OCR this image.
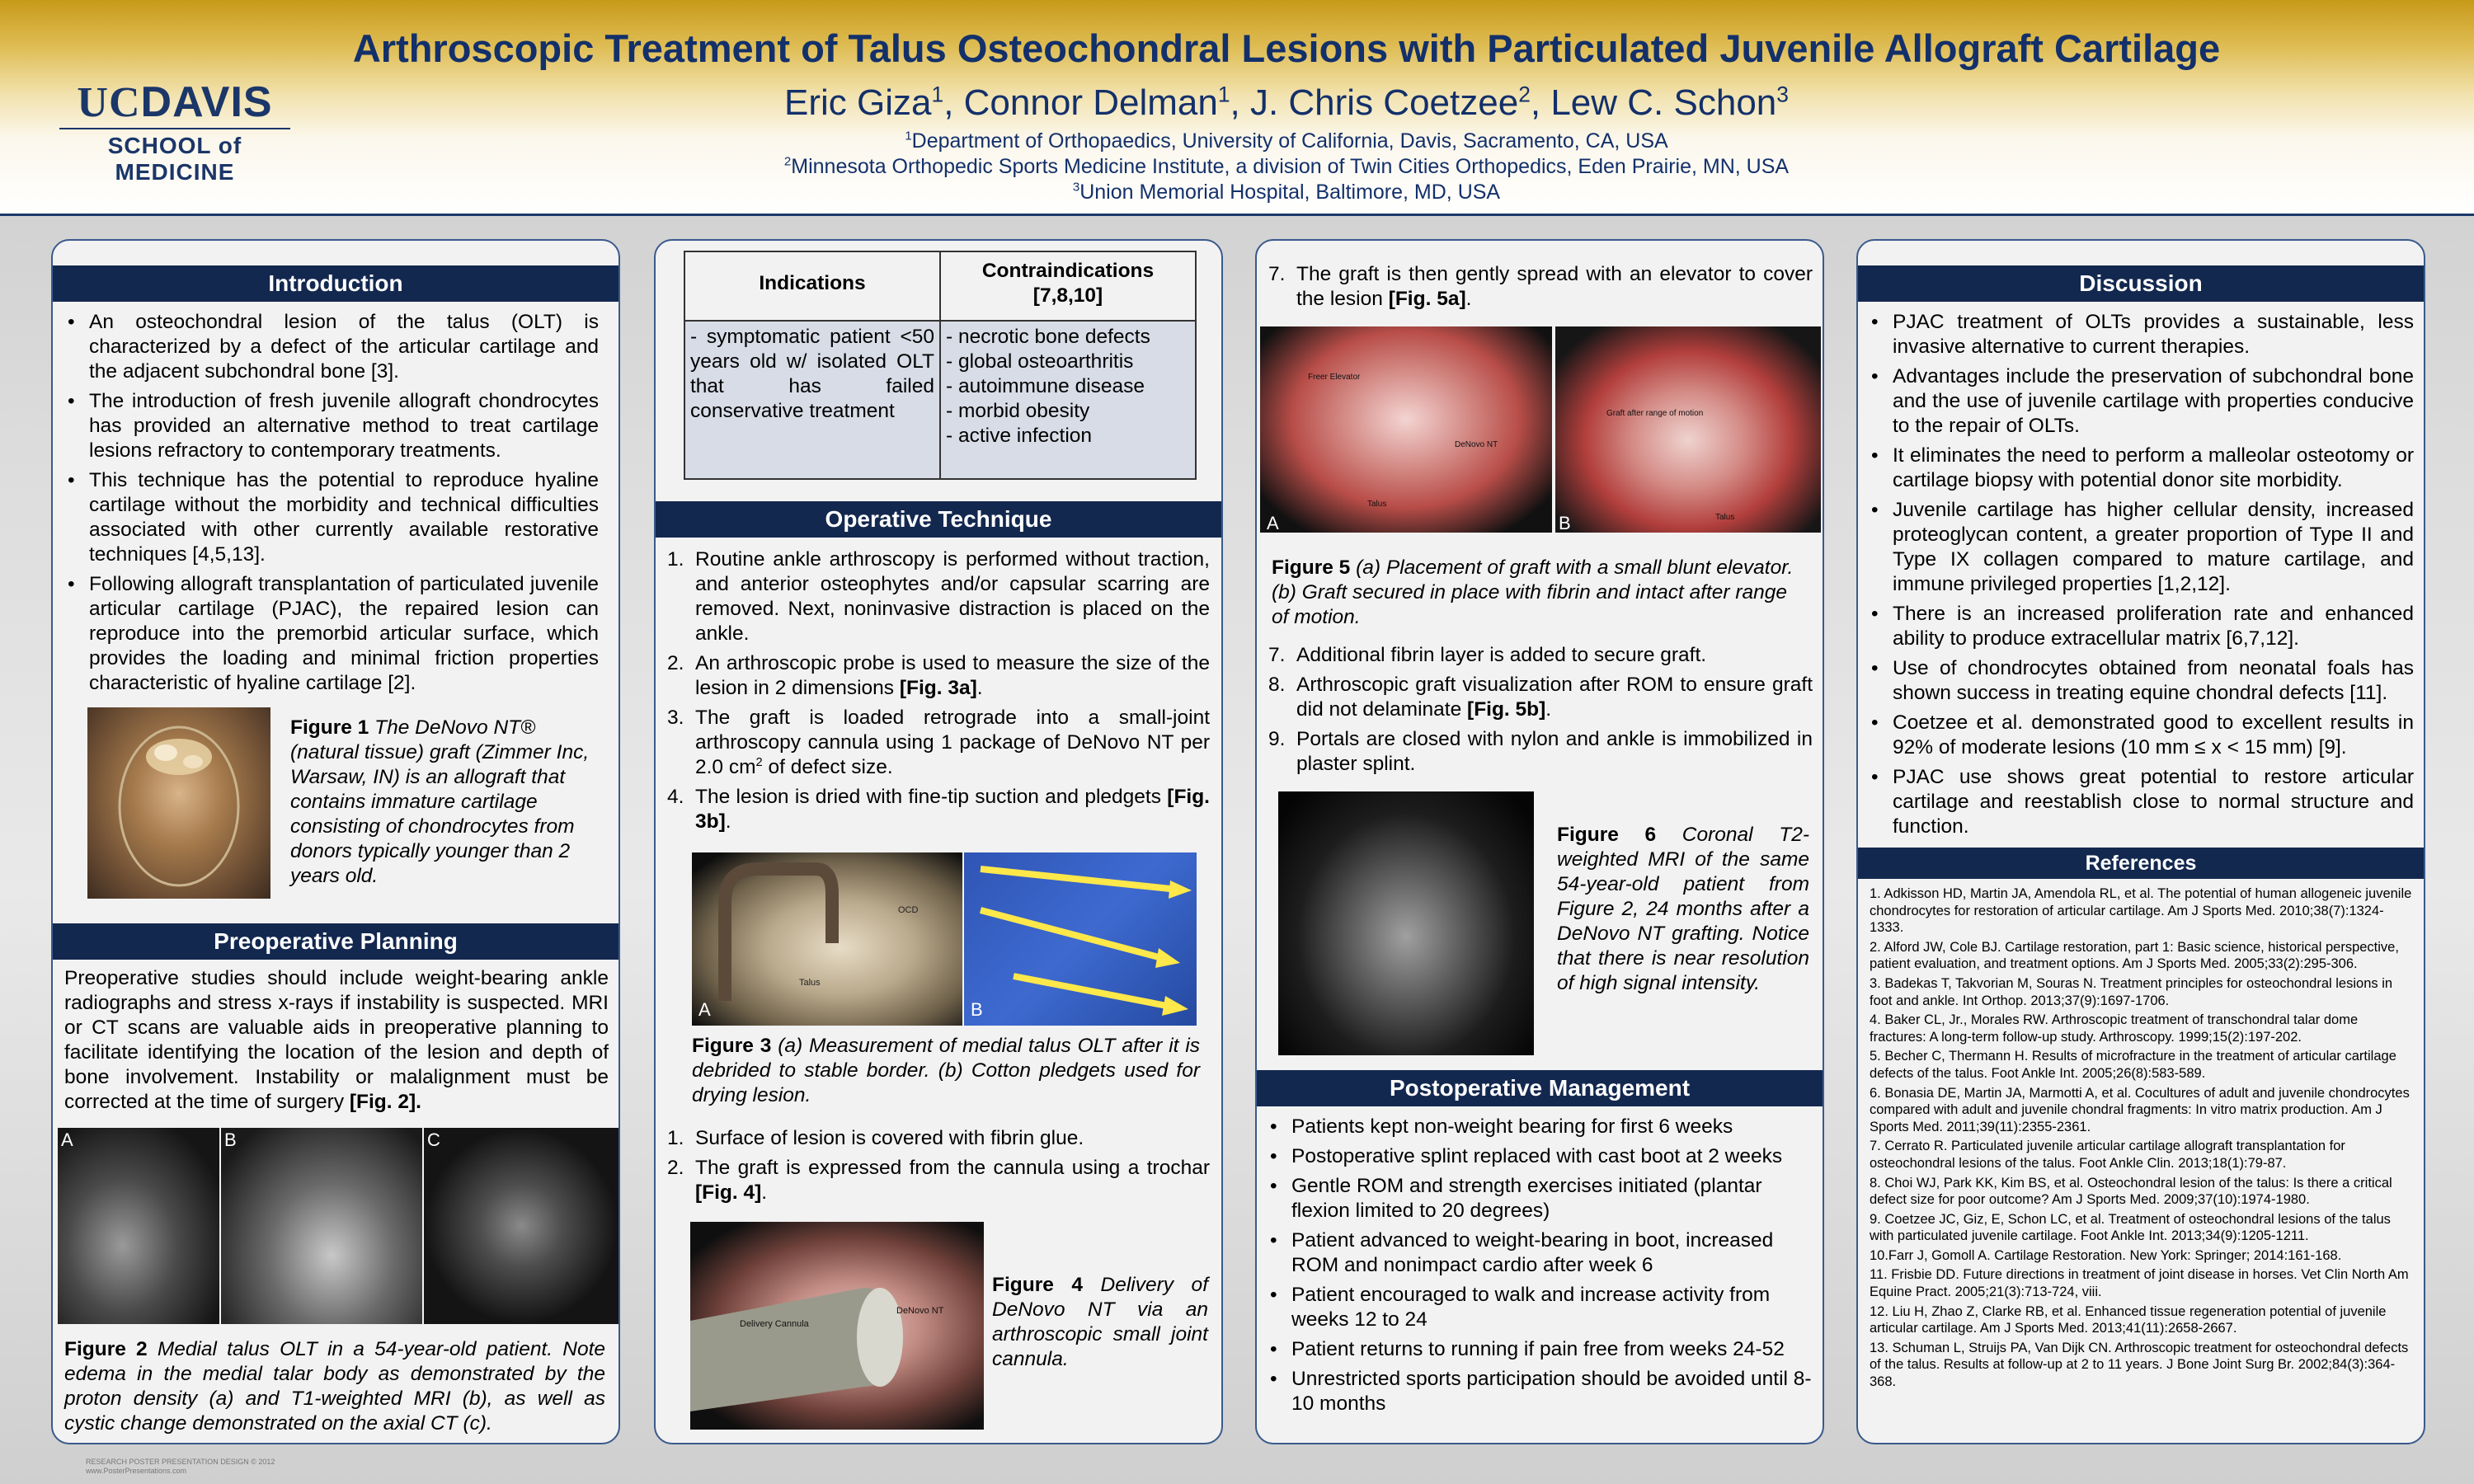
UCDAVIS
SCHOOL of MEDICINE
Arthroscopic Treatment of Talus Osteochondral Lesions with Particulated Juvenile Allograft Cartilage
Eric Giza$^1$, Connor Delman$^1$, J. Chris Coetzee$^2$, Lew C. Schon$^3$
$^1$Department of Orthopaedics, University of California, Davis, Sacramento, CA, USA
$^2$Minnesota Orthopedic Sports Medicine Institute, a division of Twin Cities Orthopedics, Eden Prairie, MN, USA
$^3$Union Memorial Hospital, Baltimore, MD, USA
Introduction
• An osteochondral lesion of the talus (OLT) is characterized by a defect of the articular cartilage and the adjacent subchondral bone [3].
• The introduction of fresh juvenile allograft chondrocytes has provided an alternative method to treat cartilage lesions refractory to contemporary treatments.
• This technique has the potential to reproduce hyaline cartilage without the morbidity and technical difficulties associated with other currently available restorative techniques [4,5,13].
• Following allograft transplantation of particulated juvenile articular cartilage (PJAC), the repaired lesion can reproduce into the premorbid articular surface, which provides the loading and minimal friction properties characteristic of hyaline cartilage [2].
Figure 1 The DeNovo NT® (natural tissue) graft (Zimmer Inc, Warsaw, IN) is an allograft that contains immature cartilage consisting of chondrocytes from donors typically younger than 2 years old.
Preoperative Planning
Preoperative studies should include weight-bearing ankle radiographs and stress x-rays if instability is suspected. MRI or CT scans are valuable aids in preoperative planning to facilitate identifying the location of the lesion and depth of bone involvement. Instability or malalignment must be corrected at the time of surgery [Fig. 2].
A	B	C
Figure 2 Medial talus OLT in a 54-year-old patient. Note edema in the medial talar body as demonstrated by the proton density (a) and T1-weighted MRI (b), as well as cystic change demonstrated on the axial CT (c).
Indications	Contraindications [7,8,10]
- symptomatic patient <50 years old w/ isolated OLT that has failed conservative treatment	- necrotic bone defects
- global osteoarthritis
- autoimmune disease
- morbid obesity
- active infection
Operative Technique
1. Routine ankle arthroscopy is performed without traction, and anterior osteophytes and/or capsular scarring are removed. Next, noninvasive distraction is placed on the ankle.
2. An arthroscopic probe is used to measure the size of the lesion in 2 dimensions [Fig. 3a].
3. The graft is loaded retrograde into a small-joint arthroscopy cannula using 1 package of DeNovo NT per 2.0 $cm^2$ of defect size.
4. The lesion is dried with fine-tip suction and pledgets [Fig. 3b].
A
OCD
Talus
B
Figure 3 (a) Measurement of medial talus OLT after it is debrided to stable border. (b) Cotton pledgets used for drying lesion.
1. Surface of lesion is covered with fibrin glue.
2. The graft is expressed from the cannula using a trochar [Fig. 4].
Delivery Cannula
DeNovo NT
Figure 4 Delivery of DeNovo NT via an arthroscopic small joint cannula.
7. The graft is then gently spread with an elevator to cover the lesion [Fig. 5a].
Freer Elevator
DeNovo NT
Talus
A
Graft after range of motion
Talus
B
Figure 5 (a) Placement of graft with a small blunt elevator. (b) Graft secured in place with fibrin and intact after range of motion.
7. Additional fibrin layer is added to secure graft.
8. Arthroscopic graft visualization after ROM to ensure graft did not delaminate [Fig. 5b].
9. Portals are closed with nylon and ankle is immobilized in plaster splint.
Figure 6 Coronal T2-weighted MRI of the same 54-year-old patient from Figure 2, 24 months after a DeNovo NT grafting. Notice that there is near resolution of high signal intensity.
Postoperative Management
• Patients kept non-weight bearing for first 6 weeks
• Postoperative splint replaced with cast boot at 2 weeks
• Gentle ROM and strength exercises initiated (plantar flexion limited to 20 degrees)
• Patient advanced to weight-bearing in boot, increased ROM and nonimpact cardio after week 6
• Patient encouraged to walk and increase activity from weeks 12 to 24
• Patient returns to running if pain free from weeks 24-52
• Unrestricted sports participation should be avoided until 8-10 months
Discussion
• PJAC treatment of OLTs provides a sustainable, less invasive alternative to current therapies.
• Advantages include the preservation of subchondral bone and the use of juvenile cartilage with properties conducive to the repair of OLTs.
• It eliminates the need to perform a malleolar osteotomy or cartilage biopsy with potential donor site morbidity.
• Juvenile cartilage has higher cellular density, increased proteoglycan content, a greater proportion of Type II and Type IX collagen compared to mature cartilage, and immune privileged properties [1,2,12].
• There is an increased proliferation rate and enhanced ability to produce extracellular matrix [6,7,12].
• Use of chondrocytes obtained from neonatal foals has shown success in treating equine chondral defects [11].
• Coetzee et al. demonstrated good to excellent results in 92% of moderate lesions (10 mm ≤ x < 15 mm) [9].
• PJAC use shows great potential to restore articular cartilage and reestablish close to normal structure and function.
References
1. Adkisson HD, Martin JA, Amendola RL, et al. The potential of human allogeneic juvenile chondrocytes for restoration of articular cartilage. Am J Sports Med. 2010;38(7):1324-1333.
2. Alford JW, Cole BJ. Cartilage restoration, part 1: Basic science, historical perspective, patient evaluation, and treatment options. Am J Sports Med. 2005;33(2):295-306.
3. Badekas T, Takvorian M, Souras N. Treatment principles for osteochondral lesions in foot and ankle. Int Orthop. 2013;37(9):1697-1706.
4. Baker CL, Jr., Morales RW. Arthroscopic treatment of transchondral talar dome fractures: A long-term follow-up study. Arthroscopy. 1999;15(2):197-202.
5. Becher C, Thermann H. Results of microfracture in the treatment of articular cartilage defects of the talus. Foot Ankle Int. 2005;26(8):583-589.
6. Bonasia DE, Martin JA, Marmotti A, et al. Cocultures of adult and juvenile chondrocytes compared with adult and juvenile chondral fragments: In vitro matrix production. Am J Sports Med. 2011;39(11):2355-2361.
7. Cerrato R. Particulated juvenile articular cartilage allograft transplantation for osteochondral lesions of the talus. Foot Ankle Clin. 2013;18(1):79-87.
8. Choi WJ, Park KK, Kim BS, et al. Osteochondral lesion of the talus: Is there a critical defect size for poor outcome? Am J Sports Med. 2009;37(10):1974-1980.
9. Coetzee JC, Giz, E, Schon LC, et al. Treatment of osteochondral lesions of the talus with particulated juvenile cartilage. Foot Ankle Int. 2013;34(9):1205-1211.
10.Farr J, Gomoll A. Cartilage Restoration. New York: Springer; 2014:161-168.
11. Frisbie DD. Future directions in treatment of joint disease in horses. Vet Clin North Am Equine Pract. 2005;21(3):713-724, viii.
12. Liu H, Zhao Z, Clarke RB, et al. Enhanced tissue regeneration potential of juvenile articular cartilage. Am J Sports Med. 2013;41(11):2658-2667.
13. Schuman L, Struijs PA, Van Dijk CN. Arthroscopic treatment for osteochondral defects of the talus. Results at follow-up at 2 to 11 years. J Bone Joint Surg Br. 2002;84(3):364-368.
RESEARCH POSTER PRESENTATION DESIGN © 2012
www.PosterPresentations.com
